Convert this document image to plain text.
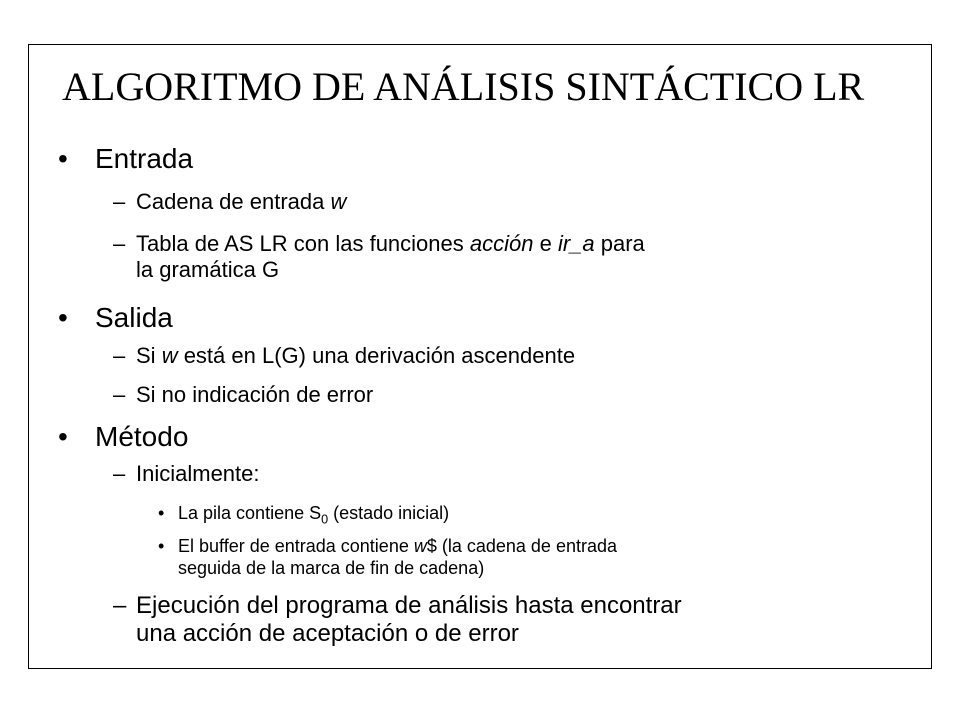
ALGORITMO DE ANÁLISIS SINTÁCTICO LR
• Entrada
– Cadena de entrada w
– Tabla de AS LR con las funciones acción e ir_a para
la gramática G
• Salida
– Si w está en L(G) una derivación ascendente
– Si no indicación de error
• Método
– Inicialmente:
• La pila contiene $S_0$ (estado inicial)
• El buffer de entrada contiene w$ (la cadena de entrada
seguida de la marca de fin de cadena)
– Ejecución del programa de análisis hasta encontrar
una acción de aceptación o de error
